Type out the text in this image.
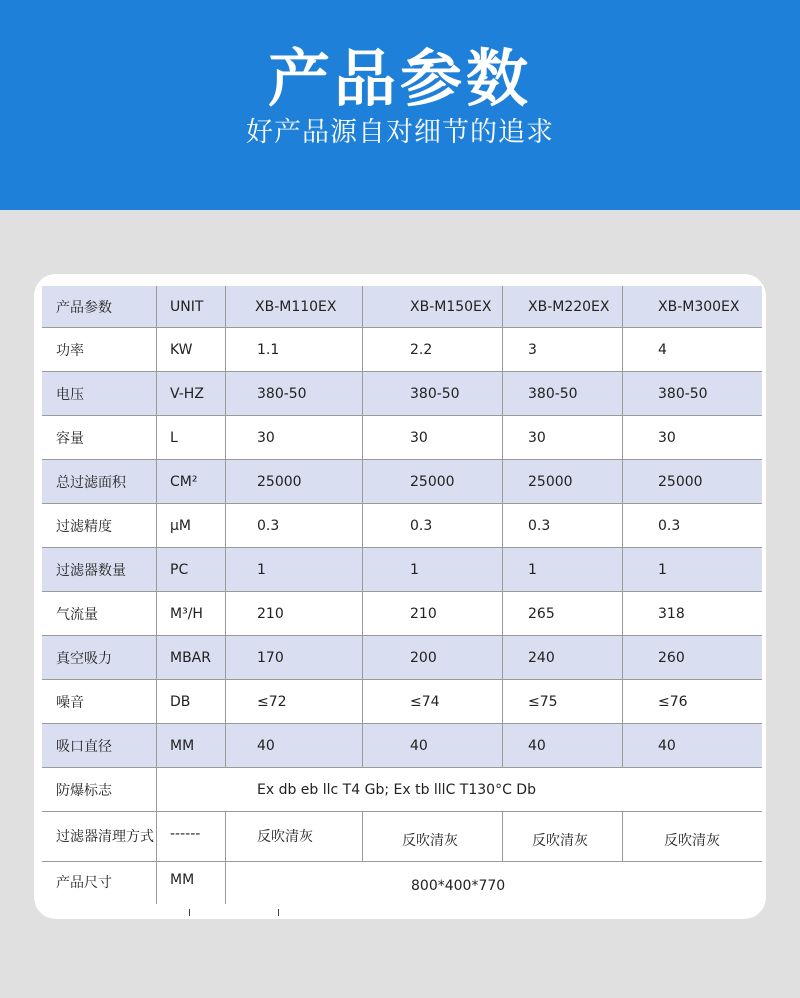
产品参数
好产品源自对细节的追求
产品参数	UNIT	XB-M110EX	XB-M150EX	XB-M220EX	XB-M300EX
功率	KW	1.1	2.2	3	4
电压	V-HZ	380-50	380-50	380-50	380-50
容量	L	30	30	30	30
总过滤面积	CM²	25000	25000	25000	25000
过滤精度	μM	0.3	0.3	0.3	0.3
过滤器数量	PC	1	1	1	1
气流量	M³/H	210	210	265	318
真空吸力	MBAR	170	200	240	260
噪音	DB	≤72	≤74	≤75	≤76
吸口直径	MM	40	40	40	40
防爆标志	Ex db eb llc T4 Gb; Ex tb lllC T130°C Db
过滤器清理方式	------	反吹清灰	反吹清灰	反吹清灰	反吹清灰
产品尺寸	MM	800*400*770
